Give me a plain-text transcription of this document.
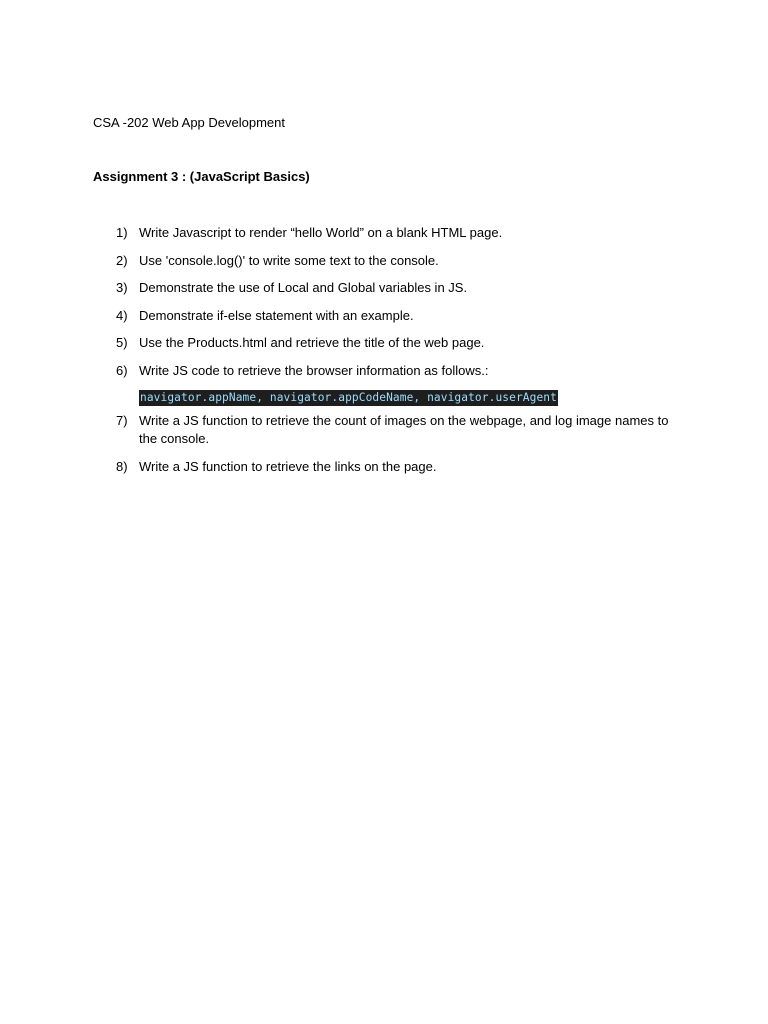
CSA -202 Web App Development
Assignment 3 : (JavaScript Basics)
1) Write Javascript to render “hello World” on a blank HTML page.
2) Use 'console.log()' to write some text to the console.
3) Demonstrate the use of Local and Global variables in JS.
4) Demonstrate if-else statement with an example.
5) Use the Products.html and retrieve the title of the web page.
6) Write JS code to retrieve the browser information as follows.:
navigator.appName, navigator.appCodeName, navigator.userAgent
7) Write a JS function to retrieve the count of images on the webpage, and log image names to the console.
8) Write a JS function to retrieve the links on the page.
